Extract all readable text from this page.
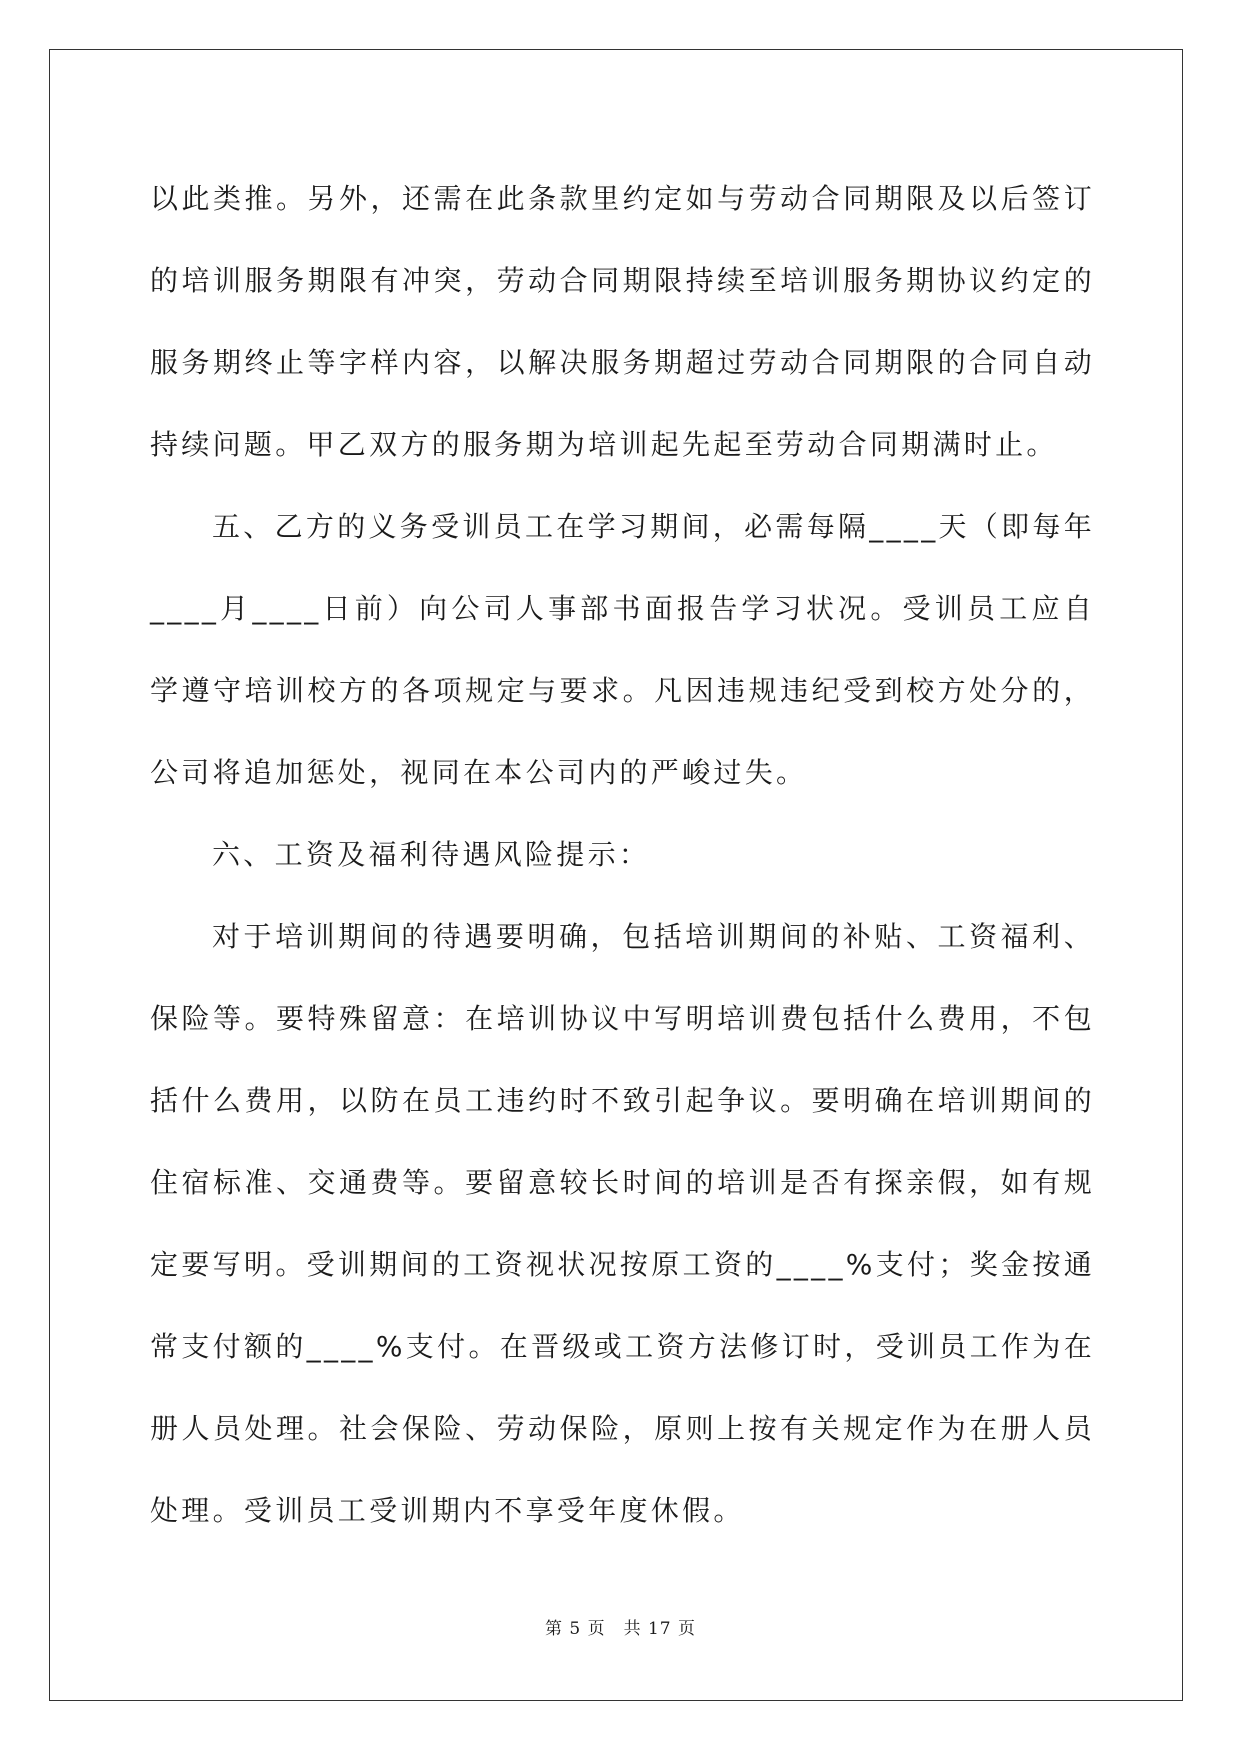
以此类推。另外，还需在此条款里约定如与劳动合同期限及以后签订的培训服务期限有冲突，劳动合同期限持续至培训服务期协议约定的服务期终止等字样内容，以解决服务期超过劳动合同期限的合同自动持续问题。甲乙双方的服务期为培训起先起至劳动合同期满时止。

五、乙方的义务受训员工在学习期间，必需每隔____天（即每年____月____日前）向公司人事部书面报告学习状况。受训员工应自学遵守培训校方的各项规定与要求。凡因违规违纪受到校方处分的，公司将追加惩处，视同在本公司内的严峻过失。

六、工资及福利待遇风险提示：

对于培训期间的待遇要明确，包括培训期间的补贴、工资福利、保险等。要特殊留意：在培训协议中写明培训费包括什么费用，不包括什么费用，以防在员工违约时不致引起争议。要明确在培训期间的住宿标准、交通费等。要留意较长时间的培训是否有探亲假，如有规定要写明。受训期间的工资视状况按原工资的____%支付；奖金按通常支付额的____%支付。在晋级或工资方法修订时，受训员工作为在册人员处理。社会保险、劳动保险，原则上按有关规定作为在册人员处理。受训员工受训期内不享受年度休假。

第 5 页　共 17 页
